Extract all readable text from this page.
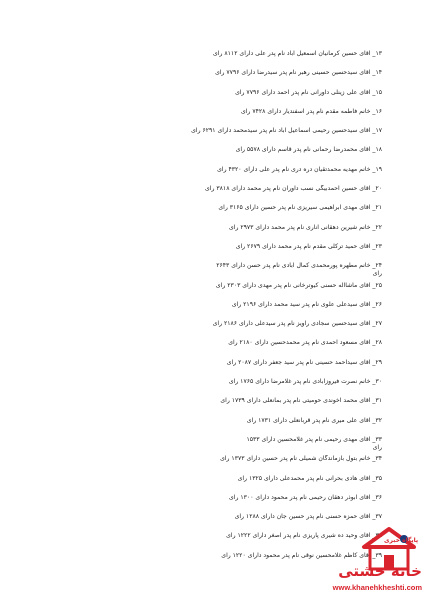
۱۳_ آقای حسین کرمانیان اسمعیل آباد نام پدر علی دارای ۸۱۱۲ رای
۱۴_ آقای سیدحسین حسینی رهبر نام پدر سیدرضا دارای ۷۷۹۶ رای
۱۵_ آقای علی زینلی داورانی نام پدر احمد دارای ۷۷۹۶ رای
۱۶_ خانم فاطمه مقدم نام پدر اسفندیار دارای ۷۴۲۸ رای
۱۷_ آقای سیدحسین رحیمی اسماعیل آباد نام پدر سیدمحمد دارای ۶۲۹۱ رای
۱۸_ آقای محمدرضا رحمانی نام پدر قاسم دارای ۵۵۷۸ رای
۱۹_ خانم مهدیه محمدتقیان دره دری نام پدر علی دارای ۴۳۲۰ رای
۲۰_ آقای حسین احمدبیگی نسب داوران نام پدر محمد دارای ۳۸۱۸ رای
۲۱_ آقای مهدی ابراهیمی سیریزی نام پدر حسین دارای ۳۱۶۵ رای
۲۲_ خانم شیرین دهقانی اناری نام پدر محمد دارای ۲۹۷۳ رای
۲۳_ آقای حمید ترکلی مقدم نام پدر محمد دارای ۲۶۷۹ رای
۲۴_ خانم مطهره پورمحمدی کمال آبادی نام پدر حسن دارای ۲۶۴۳
رای
۲۵_ آقای ماشااله حسنی کیوترخانی نام پدر مهدی دارای ۲۳۰۳ رای
۲۶_ آقای سیدعلی علوی نام پدر سید محمد دارای ۲۱۹۶ رای
۲۷_ آقای سیدحسین سجادی راویز نام پدر سیدعلی دارای ۲۱۸۶ رای
۲۸_ آقای مسعود احمدی نام پدر محمدحسین دارای ۲۱۸۰ رای
۲۹_ آقای سیداحمد حسینی نام پدر سید جعفر دارای ۲۰۸۷ رای
۳۰_ خانم نصرت فیروزآبادی نام پدر غلامرضا دارای ۱۷۶۵ رای
۳۱_ آقای محمد آخوندی حومیتی نام پدر بمانعلی دارای ۱۷۳۹ رای
۳۲_ آقای علی میری نام پدر قربانعلی دارای ۱۷۳۱ رای
۳۳_ آقای مهدی رحیمی نام پدر غلامحسین دارای ۱۵۳۳
رای
۳۴_ خانم بتول بازماندگان شمیلی نام پدر حسین دارای ۱۳۷۳ رای
۳۵_ آقای هادی بحرانی نام پدر محمدعلی دارای ۱۳۲۵ رای
۳۶_ آقای ابوذر دهقان رحیمی نام پدر محمود دارای ۱۳۰۰ رای
۳۷_ آقای حمزه حسنی نام پدر حسین جان دارای ۱۲۸۸ رای
۳۸_ آقای وحید ده شیری پاریزی نام پدر اصغر دارای ۱۲۲۲ رای
۳۹_ آقای کاظم غلامحسین نوقی نام پدر محمود دارای ۱۲۲۰ رای
پایگاه خبری
خانه خشتی
www.khanehkheshti.com
